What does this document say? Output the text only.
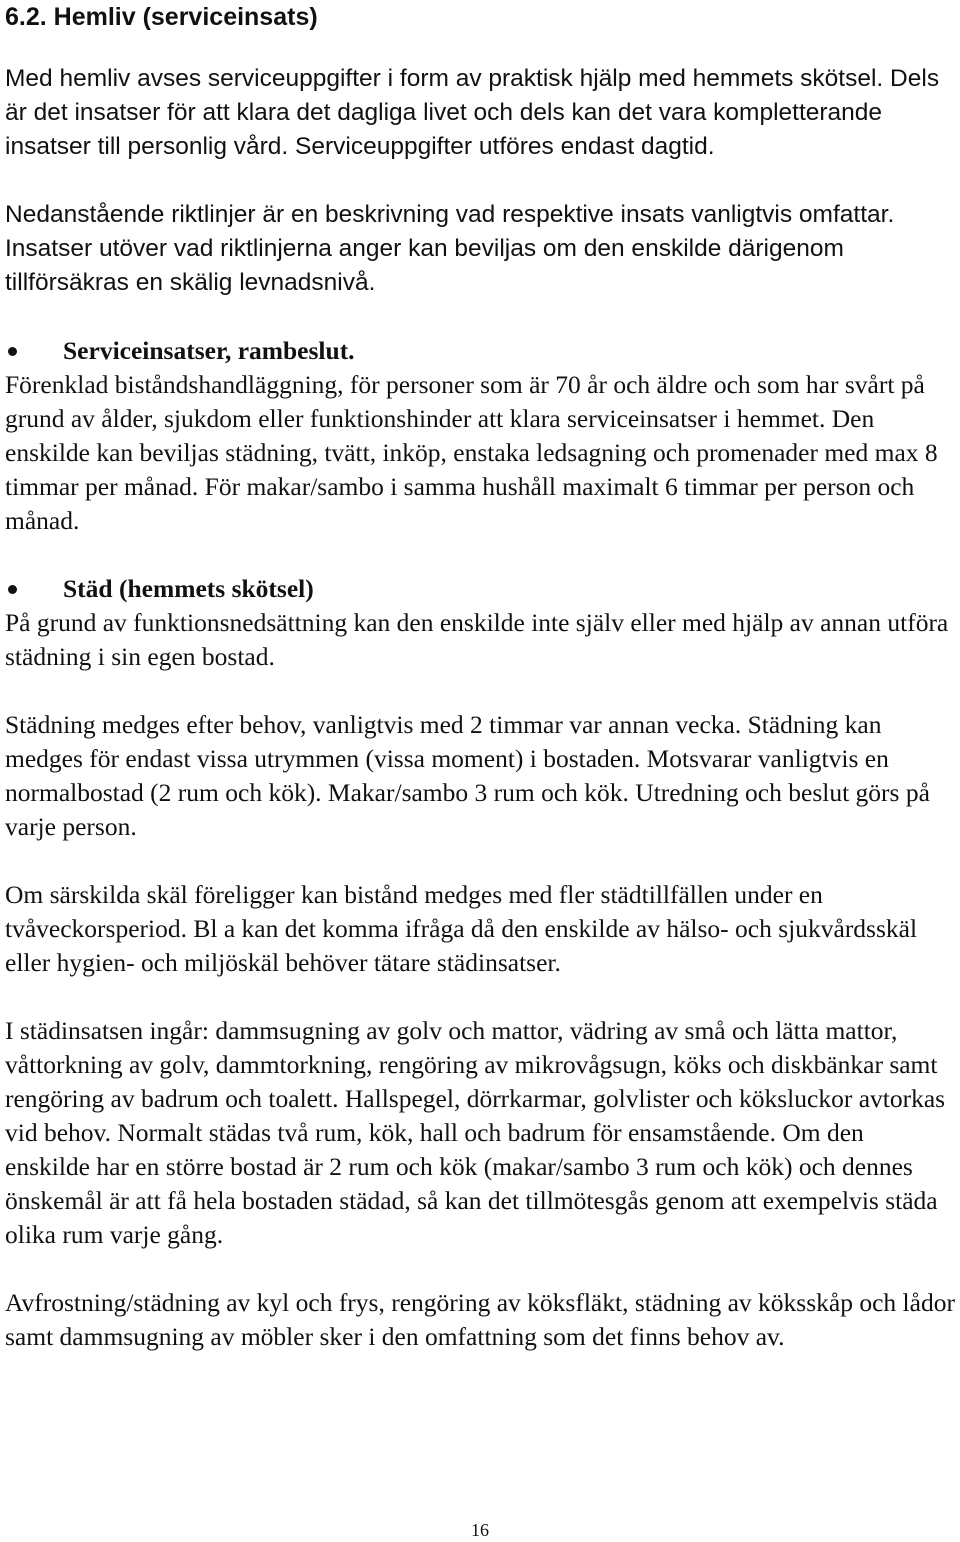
6.2. Hemliv (serviceinsats)

Med hemliv avses serviceuppgifter i form av praktisk hjälp med hemmets skötsel. Dels är det insatser för att klara det dagliga livet och dels kan det vara kompletterande insatser till personlig vård. Serviceuppgifter utföres endast dagtid.

Nedanstående riktlinjer är en beskrivning vad respektive insats vanligtvis omfattar. Insatser utöver vad riktlinjerna anger kan beviljas om den enskilde därigenom tillförsäkras en skälig levnadsnivå.

Serviceinsatser, rambeslut.

Förenklad biståndshandläggning, för personer som är 70 år och äldre och som har svårt på grund av ålder, sjukdom eller funktionshinder att klara serviceinsatser i hemmet. Den enskilde kan beviljas städning, tvätt, inköp, enstaka ledsagning och promenader med max 8 timmar per månad. För makar/sambo i samma hushåll maximalt 6 timmar per person och månad.

Städ (hemmets skötsel)

På grund av funktionsnedsättning kan den enskilde inte själv eller med hjälp av annan utföra städning i sin egen bostad.

Städning medges efter behov, vanligtvis med 2 timmar var annan vecka. Städning kan medges för endast vissa utrymmen (vissa moment) i bostaden. Motsvarar vanligtvis en normalbostad (2 rum och kök). Makar/sambo 3 rum och kök. Utredning och beslut görs på varje person.

Om särskilda skäl föreligger kan bistånd medges med fler städtillfällen under en tvåveckorsperiod. Bl a kan det komma ifråga då den enskilde av hälso- och sjukvårdsskäl eller hygien- och miljöskäl behöver tätare städinsatser.

I städinsatsen ingår: dammsugning av golv och mattor, vädring av små och lätta mattor, våttorkning av golv, dammtorkning, rengöring av mikrovågsugn, köks och diskbänkar samt rengöring av badrum och toalett. Hallspegel, dörrkarmar, golvlister och köksluckor avtorkas vid behov. Normalt städas två rum, kök, hall och badrum för ensamstående. Om den enskilde har en större bostad är 2 rum och kök (makar/sambo 3 rum och kök) och dennes önskemål är att få hela bostaden städad, så kan det tillmötesgås genom att exempelvis städa olika rum varje gång.

Avfrostning/städning av kyl och frys, rengöring av köksfläkt, städning av köksskåp och lådor samt dammsugning av möbler sker i den omfattning som det finns behov av.

16
